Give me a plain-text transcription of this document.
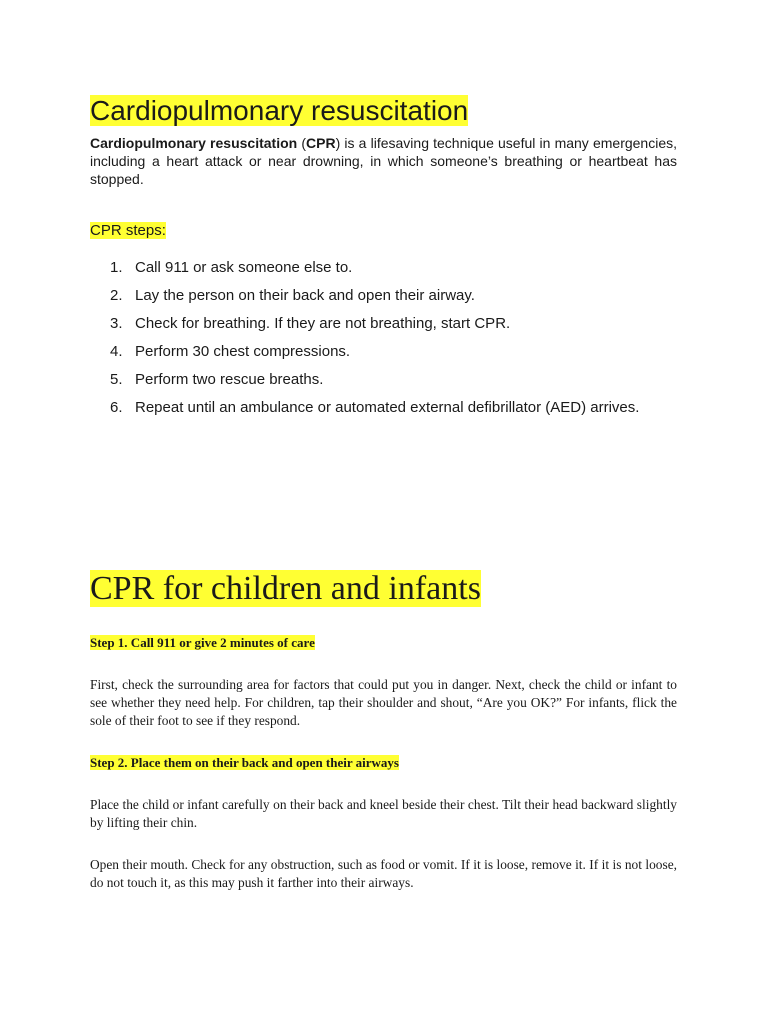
Cardiopulmonary resuscitation

Cardiopulmonary resuscitation (CPR) is a lifesaving technique useful in many emergencies, including a heart attack or near drowning, in which someone’s breathing or heartbeat has stopped.

CPR steps:

1. Call 911 or ask someone else to.
2. Lay the person on their back and open their airway.
3. Check for breathing. If they are not breathing, start CPR.
4. Perform 30 chest compressions.
5. Perform two rescue breaths.
6. Repeat until an ambulance or automated external defibrillator (AED) arrives.
CPR for children and infants

Step 1. Call 911 or give 2 minutes of care

First, check the surrounding area for factors that could put you in danger. Next, check the child or infant to see whether they need help. For children, tap their shoulder and shout, “Are you OK?” For infants, flick the sole of their foot to see if they respond.

Step 2. Place them on their back and open their airways

Place the child or infant carefully on their back and kneel beside their chest. Tilt their head backward slightly by lifting their chin.

Open their mouth. Check for any obstruction, such as food or vomit. If it is loose, remove it. If it is not loose, do not touch it, as this may push it farther into their airways.
